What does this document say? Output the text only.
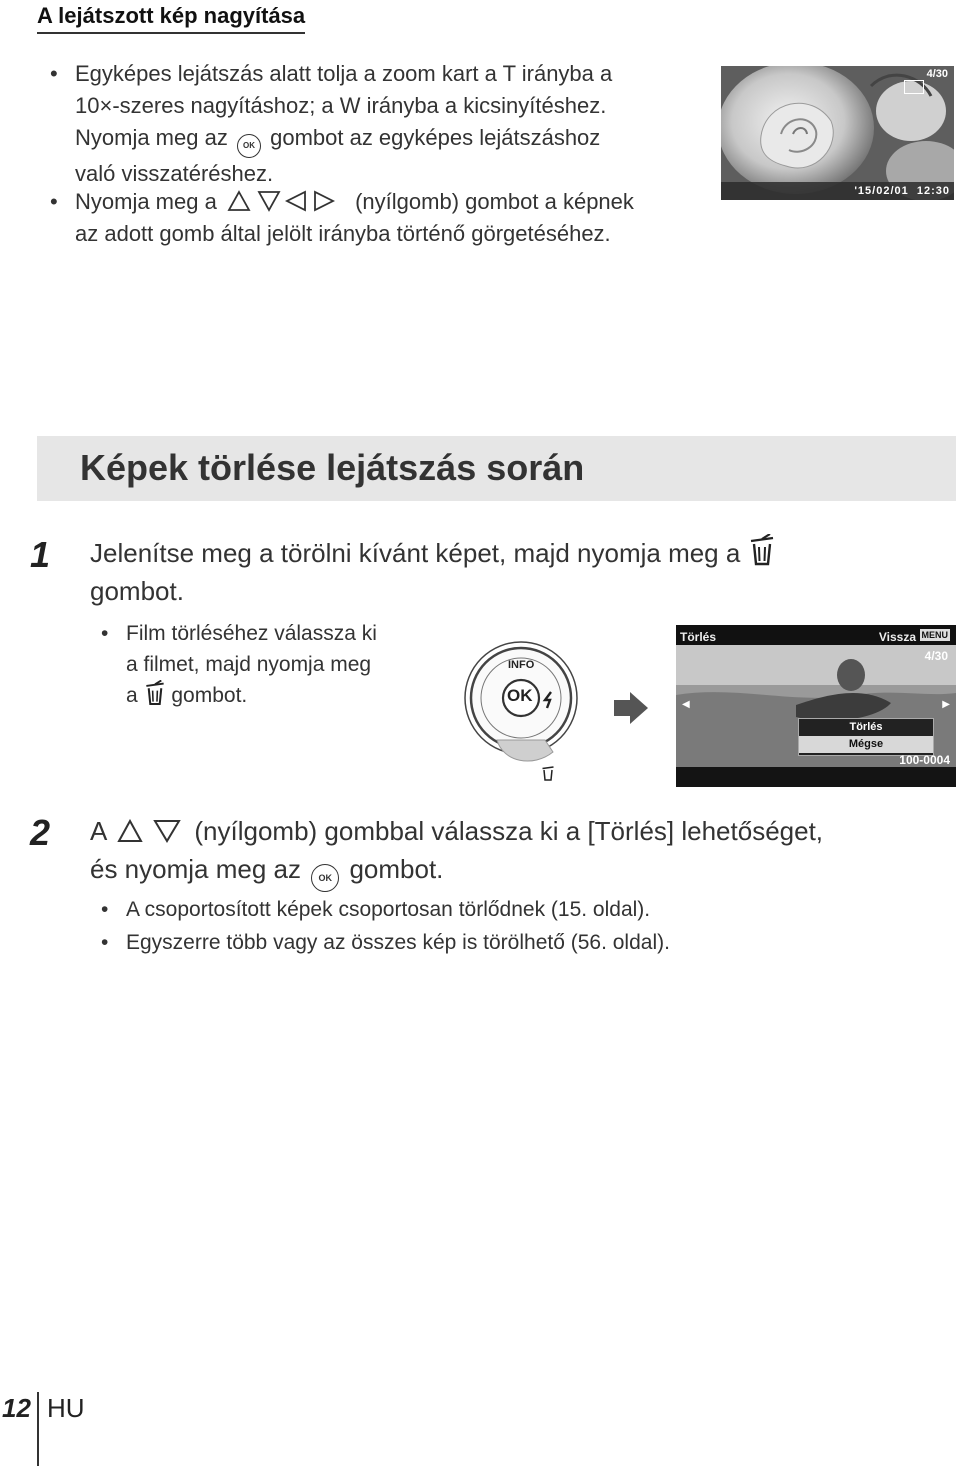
A lejátszott kép nagyítása
• Egyképes lejátszás alatt tolja a zoom kart a T irányba a
10×-szeres nagyításhoz; a W irányba a kicsinyítéshez.
Nyomja meg az OK gombot az egyképes lejátszáshoz
való visszatéréshez.
• Nyomja meg a	(nyílgomb) gombot a képnek
az adott gomb által jelölt irányba történő görgetéséhez.
4/30
'15/02/01  12:30
Képek törlése lejátszás során
1 Jelenítse meg a törölni kívánt képet, majd nyomja meg a
gombot.
• Film törléséhez válassza ki
a filmet, majd nyomja meg
a gombot.
INFO
OK
Törlés	Vissza MENU
4/30
◀	▶
Törlés
Mégse
100-0004
2 A	(nyílgomb) gombbal válassza ki a [Törlés] lehetőséget,
és nyomja meg az OK gombot.
• A csoportosított képek csoportosan törlődnek (15. oldal).
• Egyszerre több vagy az összes kép is törölhető (56. oldal).
12 HU
